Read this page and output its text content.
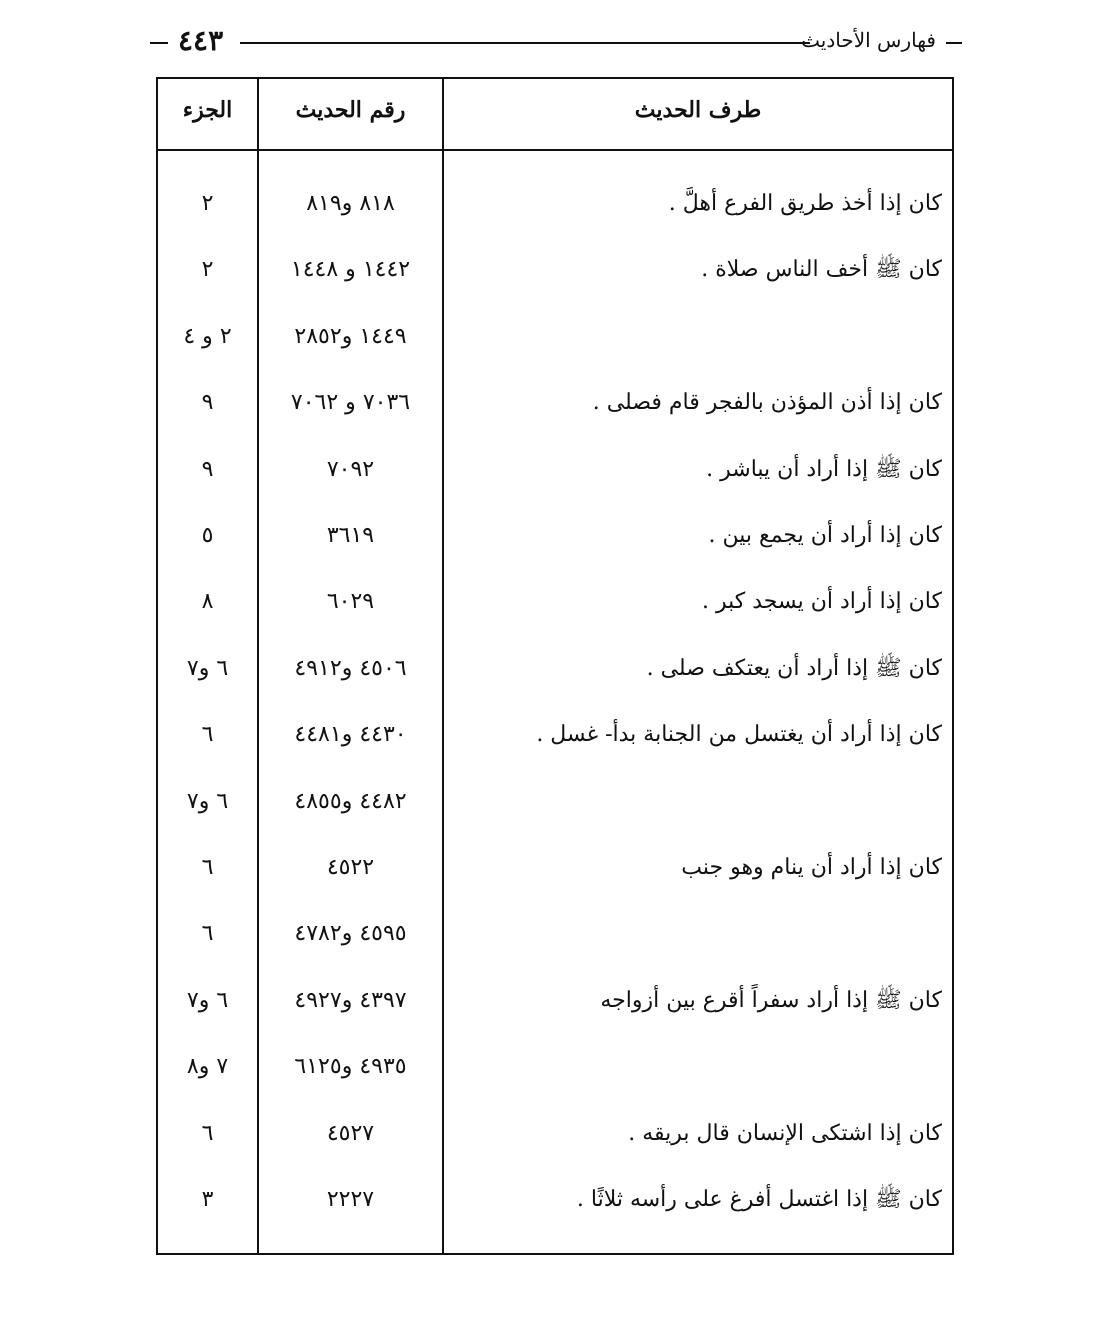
فهارس الأحاديث
٤٤٣
الجزء	رقم الحديث	طرف الحديث
كان إذا أخذ طريق الفرع أهلَّ .
٨١٨ و٨١٩
٢
كان ﷺ أخف الناس صلاة .
١٤٤٢ و ١٤٤٨
٢
١٤٤٩ و٢٨٥٢
٢ و ٤
كان إذا أذن المؤذن بالفجر قام فصلى .
٧٠٣٦ و ٧٠٦٢
٩
كان ﷺ إذا أراد أن يباشر .
٧٠٩٢
٩
كان إذا أراد أن يجمع بين .
٣٦١٩
٥
كان إذا أراد أن يسجد كبر .
٦٠٢٩
٨
كان ﷺ إذا أراد أن يعتكف صلى .
٤٥٠٦ و٤٩١٢
٦ و٧
كان إذا أراد أن يغتسل من الجنابة بدأ- غسل .
٤٤٣٠ و٤٤٨١
٦
٤٤٨٢ و٤٨٥٥
٦ و٧
كان إذا أراد أن ينام وهو جنب
٤٥٢٢
٦
٤٥٩٥ و٤٧٨٢
٦
كان ﷺ إذا أراد سفراً أقرع بين أزواجه
٤٣٩٧ و٤٩٢٧
٦ و٧
٤٩٣٥ و٦١٢٥
٧ و٨
كان إذا اشتكى الإنسان قال بريقه .
٤٥٢٧
٦
كان ﷺ إذا اغتسل أفرغ على رأسه ثلاثًا .
٢٢٢٧
٣
